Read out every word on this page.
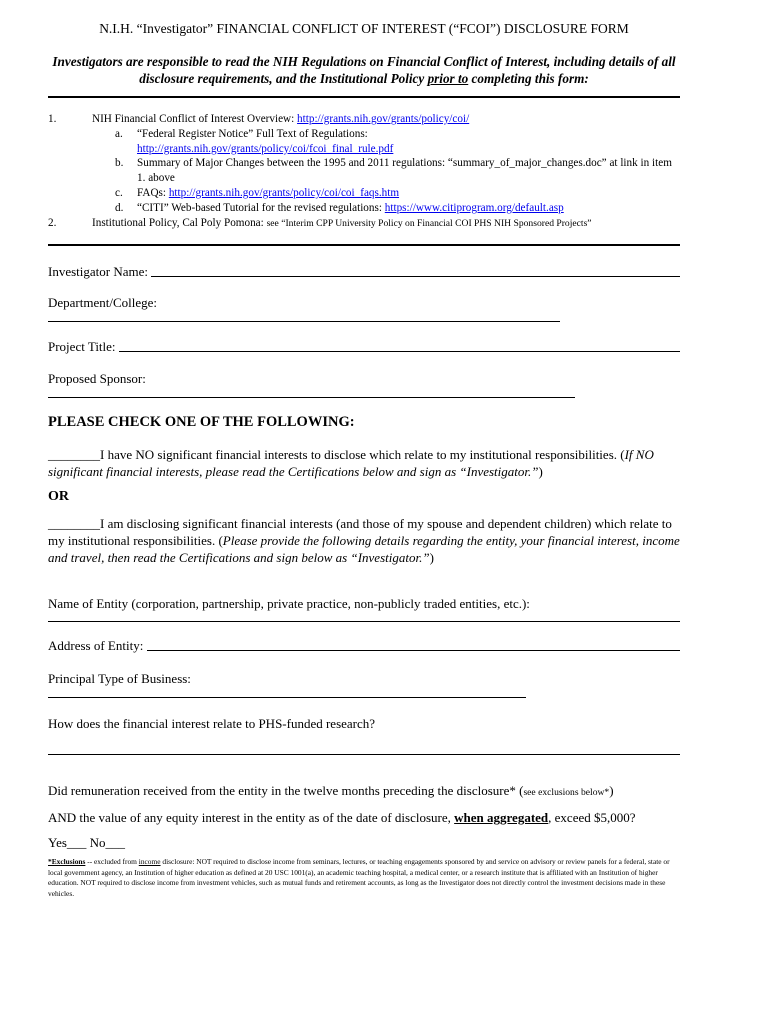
N.I.H. “Investigator” FINANCIAL CONFLICT OF INTEREST (“FCOI”) DISCLOSURE FORM
Investigators are responsible to read the NIH Regulations on Financial Conflict of Interest, including details of all disclosure requirements, and the Institutional Policy prior to completing this form:
1.	NIH Financial Conflict of Interest Overview: http://grants.nih.gov/grants/policy/coi/
a. “Federal Register Notice” Full Text of Regulations:
http://grants.nih.gov/grants/policy/coi/fcoi_final_rule.pdf
b. Summary of Major Changes between the 1995 and 2011 regulations: “summary_of_major_changes.doc” at link in item 1. above
c. FAQs: http://grants.nih.gov/grants/policy/coi/coi_faqs.htm
d. “CITI” Web-based Tutorial for the revised regulations: https://www.citiprogram.org/default.asp
2.	Institutional Policy, Cal Poly Pomona: see “Interim CPP University Policy on Financial COI PHS NIH Sponsored Projects”
Investigator Name:
Department/College:
Project Title:
Proposed Sponsor:
PLEASE CHECK ONE OF THE FOLLOWING:
________I have NO significant financial interests to disclose which relate to my institutional responsibilities. (If NO significant financial interests, please read the Certifications below and sign as “Investigator.”)
OR
________I am disclosing significant financial interests (and those of my spouse and dependent children) which relate to my institutional responsibilities. (Please provide the following details regarding the entity, your financial interest, income and travel, then read the Certifications and sign below as “Investigator.”)
Name of Entity (corporation, partnership, private practice, non-publicly traded entities, etc.):
Address of Entity:
Principal Type of Business:
How does the financial interest relate to PHS-funded research?
Did remuneration received from the entity in the twelve months preceding the disclosure* (see exclusions below*)
AND the value of any equity interest in the entity as of the date of disclosure, when aggregated, exceed $5,000?
Yes___ No___
*Exclusions -- excluded from income disclosure: NOT required to disclose income from seminars, lectures, or teaching engagements sponsored by and service on advisory or review panels for a federal, state or local government agency, an Institution of higher education as defined at 20 USC 1001(a), an academic teaching hospital, a medical center, or a research institute that is affiliated with an Institution of higher education. NOT required to disclose income from investment vehicles, such as mutual funds and retirement accounts, as long as the Investigator does not directly control the investment decisions made in these vehicles.
